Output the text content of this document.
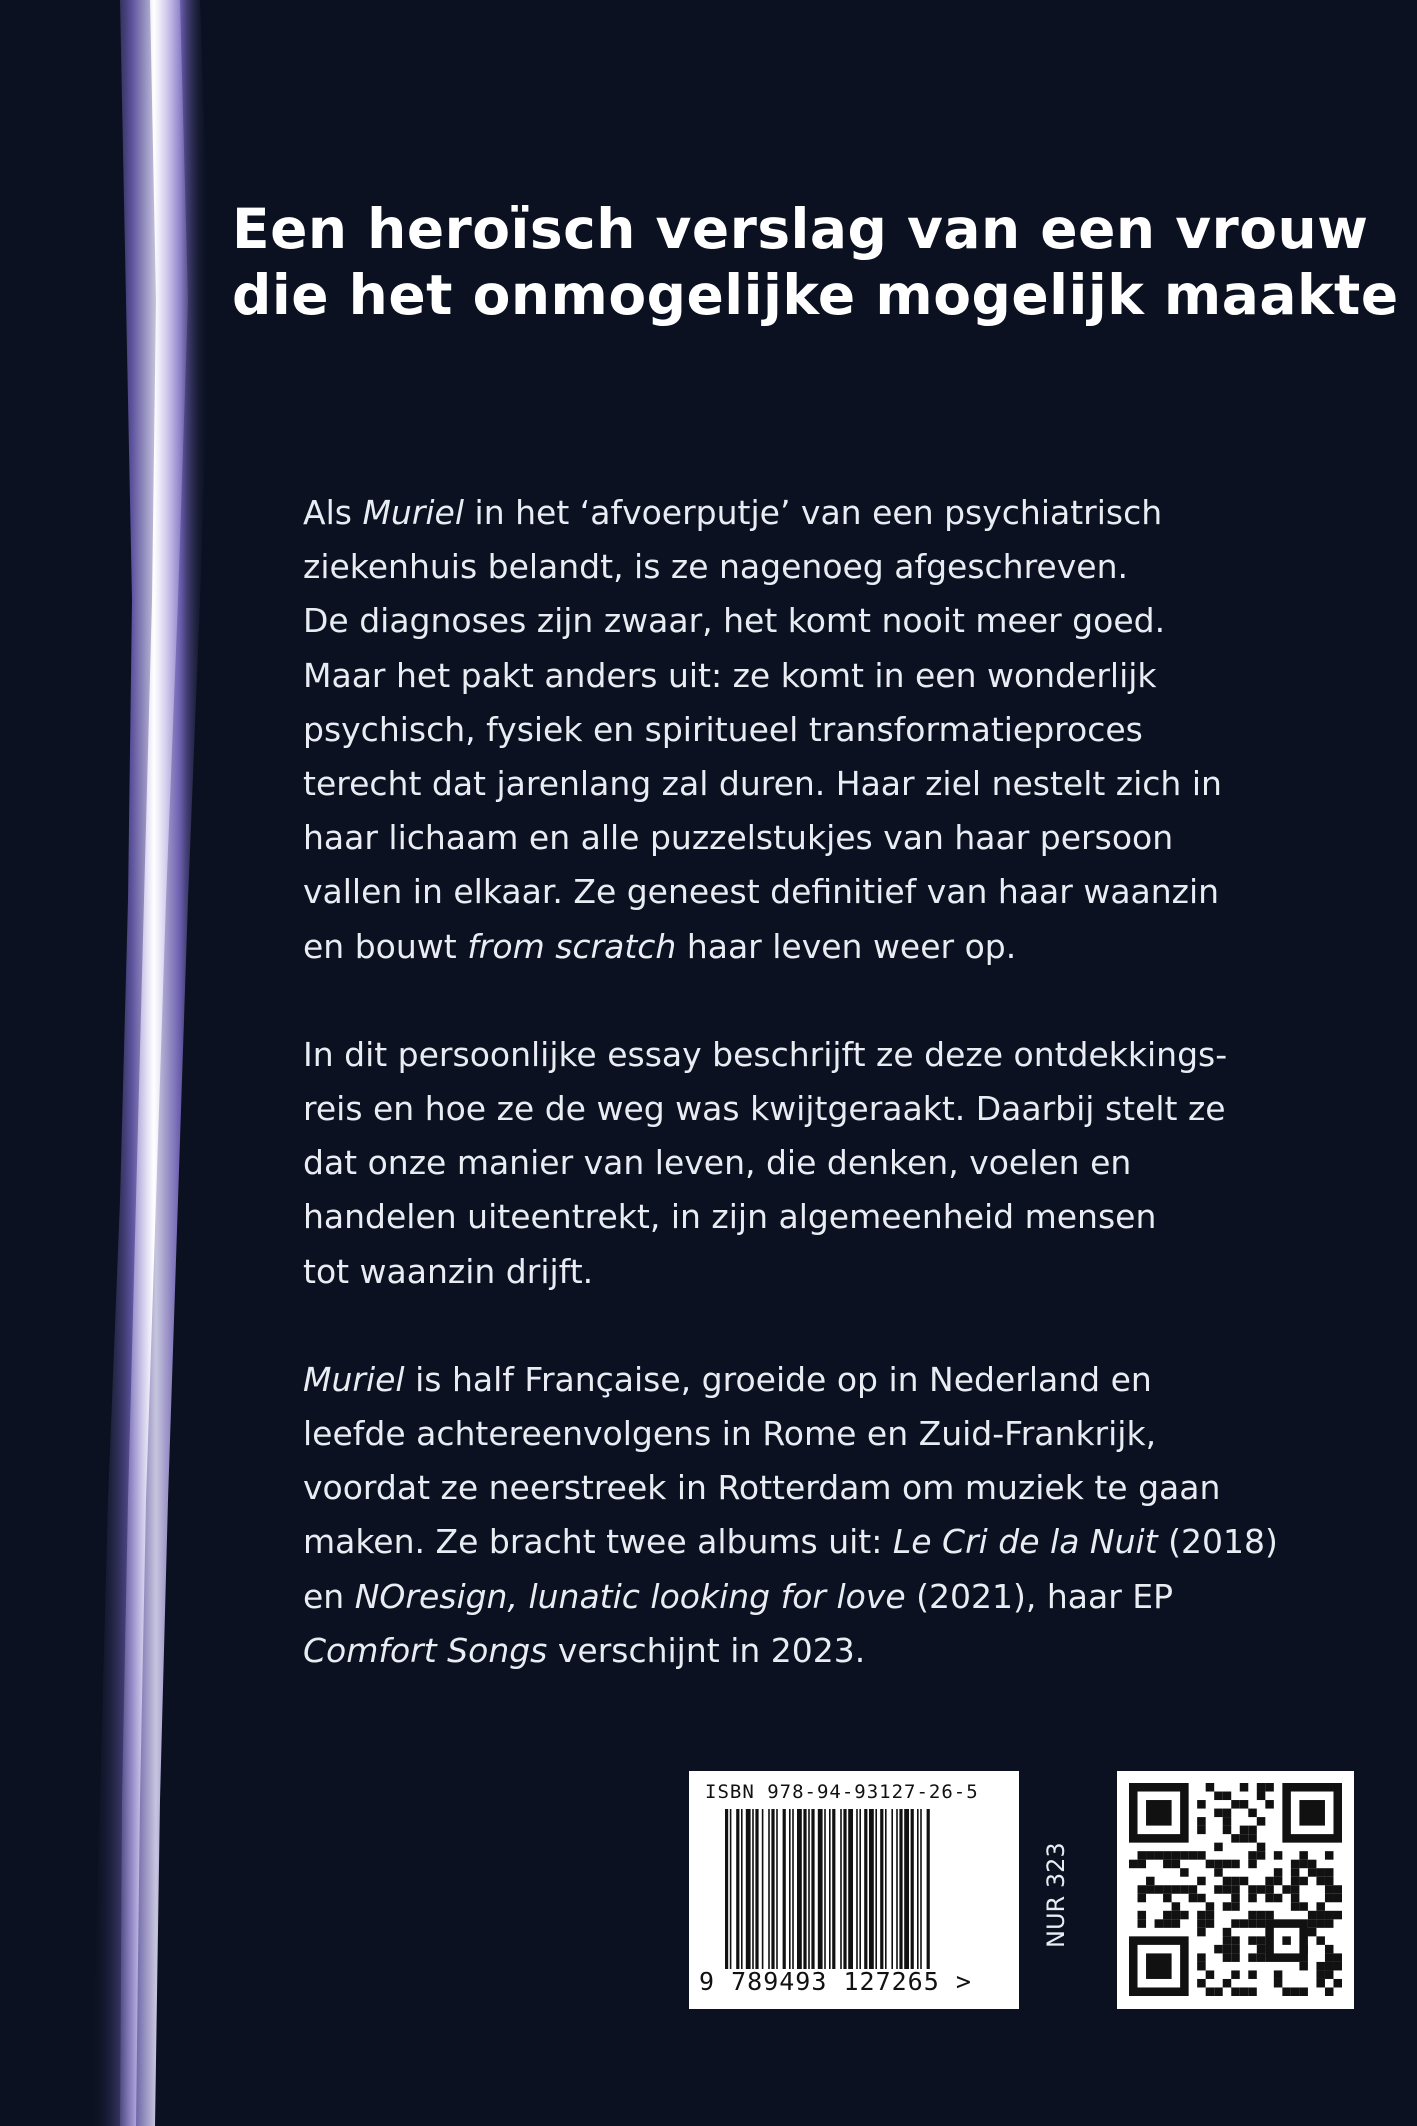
Een heroïsch verslag van een vrouw
die het onmogelijke mogelijk maakte

Als Muriel in het ‘afvoerputje’ van een psychiatrisch
ziekenhuis belandt, is ze nagenoeg afgeschreven.
De diagnoses zijn zwaar, het komt nooit meer goed.
Maar het pakt anders uit: ze komt in een wonderlijk
psychisch, fysiek en spiritueel transformatieproces
terecht dat jarenlang zal duren. Haar ziel nestelt zich in
haar lichaam en alle puzzelstukjes van haar persoon
vallen in elkaar. Ze geneest definitief van haar waanzin
en bouwt from scratch haar leven weer op.

In dit persoonlijke essay beschrijft ze deze ontdekkings-
reis en hoe ze de weg was kwijtgeraakt. Daarbij stelt ze
dat onze manier van leven, die denken, voelen en
handelen uiteentrekt, in zijn algemeenheid mensen
tot waanzin drijft.

Muriel is half Française, groeide op in Nederland en
leefde achtereenvolgens in Rome en Zuid-Frankrijk,
voordat ze neerstreek in Rotterdam om muziek te gaan
maken. Ze bracht twee albums uit: Le Cri de la Nuit (2018)
en NOresign, lunatic looking for love (2021), haar EP
Comfort Songs verschijnt in 2023.

ISBN 978-94-93127-26-5
9 789493 127265 >
NUR 323
